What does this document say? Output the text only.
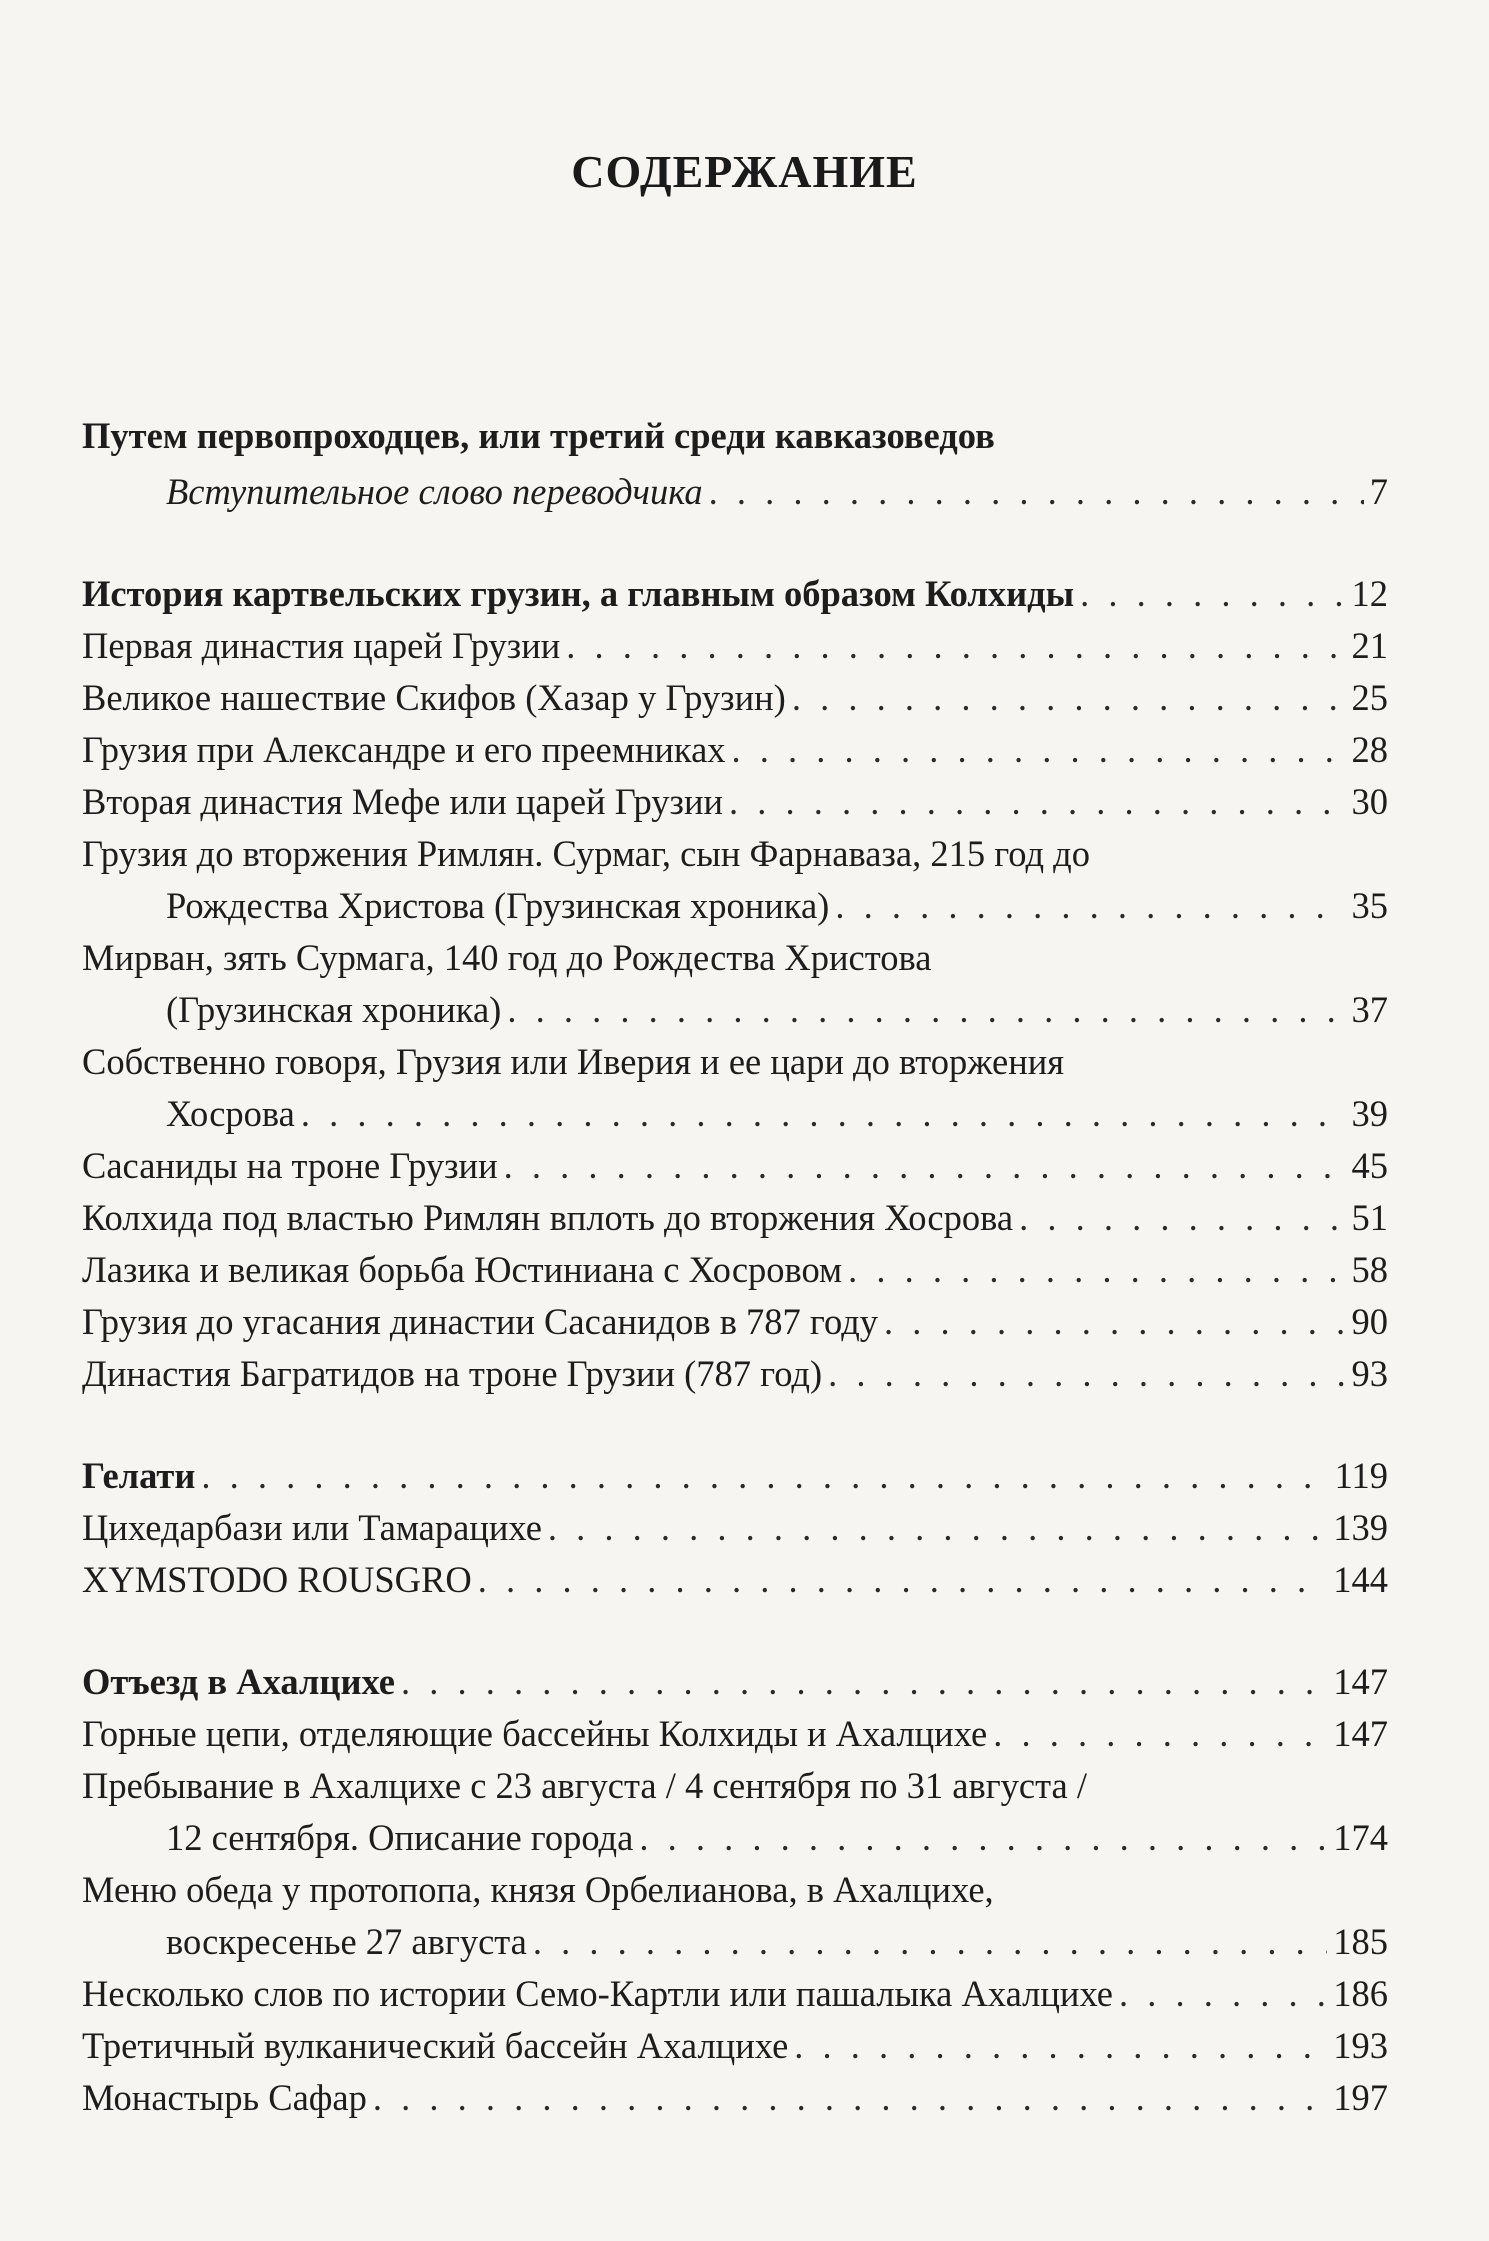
СОДЕРЖАНИЕ
Путем первопроходцев, или третий среди кавказоведов
Вступительное слово переводчика . . .	7
История картвельских грузин, а главным образом Колхиды . . .	12
Первая династия царей Грузии . . .	21
Великое нашествие Скифов (Хазар у Грузин) . . .	25
Грузия при Александре и его преемниках . . .	28
Вторая династия Мефе или царей Грузии . . .	30
Грузия до вторжения Римлян. Сурмаг, сын Фарнаваза, 215 год до
Рождества Христова (Грузинская хроника) . . .	35
Мирван, зять Сурмага, 140 год до Рождества Христова
(Грузинская хроника) . . .	37
Собственно говоря, Грузия или Иверия и ее цари до вторжения
Хосрова . . .	39
Сасаниды на троне Грузии . . .	45
Колхида под властью Римлян вплоть до вторжения Хосрова . . .	51
Лазика и великая борьба Юстиниана с Хосровом . . .	58
Грузия до угасания династии Сасанидов в 787 году . . .	90
Династия Багратидов на троне Грузии (787 год) . . .	93
Гелати . . .	119
Цихедарбази или Тамарацихе . . .	139
XYMSTODO ROUSGRO . . .	144
Отъезд в Ахалцихе . . .	147
Горные цепи, отделяющие бассейны Колхиды и Ахалцихе . . .	147
Пребывание в Ахалцихе с 23 августа / 4 сентября по 31 августа /
12 сентября. Описание города . . .	174
Меню обеда у протопопа, князя Орбелианова, в Ахалцихе,
воскресенье 27 августа . . .	185
Несколько слов по истории Семо-Картли или пашалыка Ахалцихе . . .	186
Третичный вулканический бассейн Ахалцихе . . .	193
Монастырь Сафар . . .	197
